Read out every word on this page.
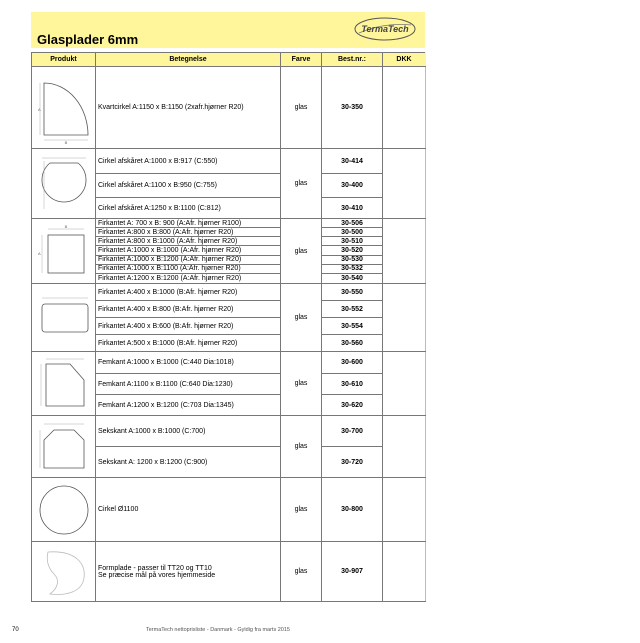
Glasplader 6mm
TermaTech
Produkt	Betegnelse	Farve	Best.nr.:	DKK

B
A	Kvartcirkel A:1150 x B:1150 (2xafr.hjørner R20)	glas	30-350	

Cirkel afskåret A:1000 x B:917 (C:550)	glas	30-414	

	Cirkel afskåret A:1100 x B:950 (C:755)		30-400	

	Cirkel afskåret A:1250 x B:1100 (C:812)		30-410	

B
A	Firkantet A: 700 x B: 900 (A:Afr. hjørner R100)	glas	30-506	

	Firkantet A:800 x B:800 (A:Afr. hjørner R20)		30-500	

	Firkantet A:800 x B:1000 (A:Afr. hjørner R20)		30-510	

	Firkantet A:1000 x B:1000 (A:Afr. hjørner R20)		30-520	

	Firkantet A:1000 x B:1200 (A:Afr. hjørner R20)		30-530	

	Firkantet A:1000 x B:1100 (A:Afr. hjørner R20)		30-532	

	Firkantet A:1200 x B:1200 (A:Afr. hjørner R20)		30-540	

Firkantet A:400 x B:1000 (B:Afr. hjørner R20)	glas	30-550	

	Firkantet A:400 x B:800 (B:Afr. hjørner R20)		30-552	

	Firkantet A:400 x B:600 (B:Afr. hjørner R20)		30-554	

	Firkantet A:500 x B:1000 (B:Afr. hjørner R20)		30-560	

Femkant A:1000 x B:1000 (C:440 Dia:1018)	glas	30-600	

	Femkant A:1100 x B:1100 (C:640 Dia:1230)		30-610	

	Femkant A:1200 x B:1200 (C:703 Dia:1345)		30-620	

Sekskant A:1000 x B:1000 (C:700)	glas	30-700	

	Sekskant A: 1200 x B:1200 (C:900)		30-720	

Cirkel Ø1100	glas	30-800	

Formplade - passer til TT20 og TT10
Se præcise mål på vores hjemmeside	glas	30-907	
70	TermaTech nettoprisliste - Danmark - Gyldig fra marts 2015
